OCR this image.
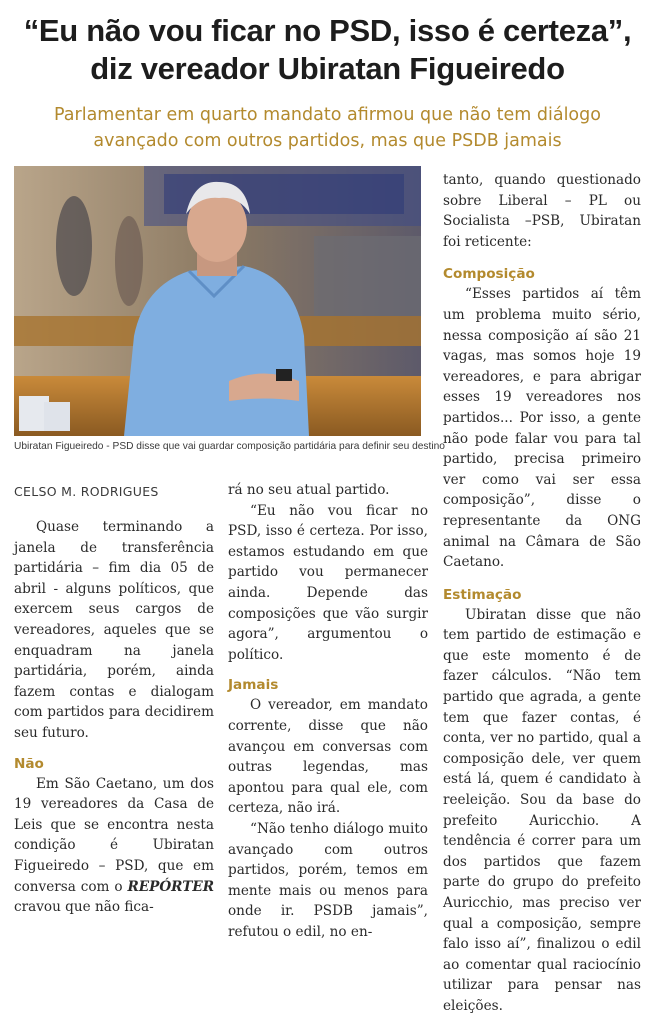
“Eu não vou ficar no PSD, isso é certeza”,
diz vereador Ubiratan Figueiredo
Parlamentar em quarto mandato afirmou que não tem diálogo
avançado com outros partidos, mas que PSDB jamais
Ubiratan Figueiredo - PSD disse que vai guardar composição partidária para definir seu destino
CELSO M. RODRIGUES

Quase terminando a janela de transferência partidária – fim dia 05 de abril - alguns políticos, que exercem seus cargos de vereadores, aqueles que se enquadram na janela partidária, porém, ainda fazem contas e dialogam com partidos para decidirem seu futuro.

Não

Em São Caetano, um dos 19 vereadores da Casa de Leis que se encontra nesta condição é Ubiratan Figueiredo – PSD, que em conversa com o REPÓRTER cravou que não fica-

rá no seu atual partido.

“Eu não vou ficar no PSD, isso é certeza. Por isso, estamos estudando em que partido vou permanecer ainda. Depende das composições que vão surgir agora”, argumentou o político.

Jamais

O vereador, em mandato corrente, disse que não avançou em conversas com outras legendas, mas apontou para qual ele, com certeza, não irá.

“Não tenho diálogo muito avançado com outros partidos, porém, temos em mente mais ou menos para onde ir. PSDB jamais”, refutou o edil, no en-

tanto, quando questionado sobre Liberal – PL ou Socialista –PSB, Ubiratan foi reticente:

Composição

“Esses partidos aí têm um problema muito sério, nessa composição aí são 21 vagas, mas somos hoje 19 vereadores, e para abrigar esses 19 vereadores nos partidos... Por isso, a gente não pode falar vou para tal partido, precisa primeiro ver como vai ser essa composição”, disse o representante da ONG animal na Câmara de São Caetano.

Estimação

Ubiratan disse que não tem partido de estimação e que este momento é de fazer cálculos. “Não tem partido que agrada, a gente tem que fazer contas, é conta, ver no partido, qual a composição dele, ver quem está lá, quem é candidato à reeleição. Sou da base do prefeito Auricchio. A tendência é correr para um dos partidos que fazem parte do grupo do prefeito Auricchio, mas preciso ver qual a composição, sempre falo isso aí”, finalizou o edil ao comentar qual raciocínio utilizar para pensar nas eleições.
